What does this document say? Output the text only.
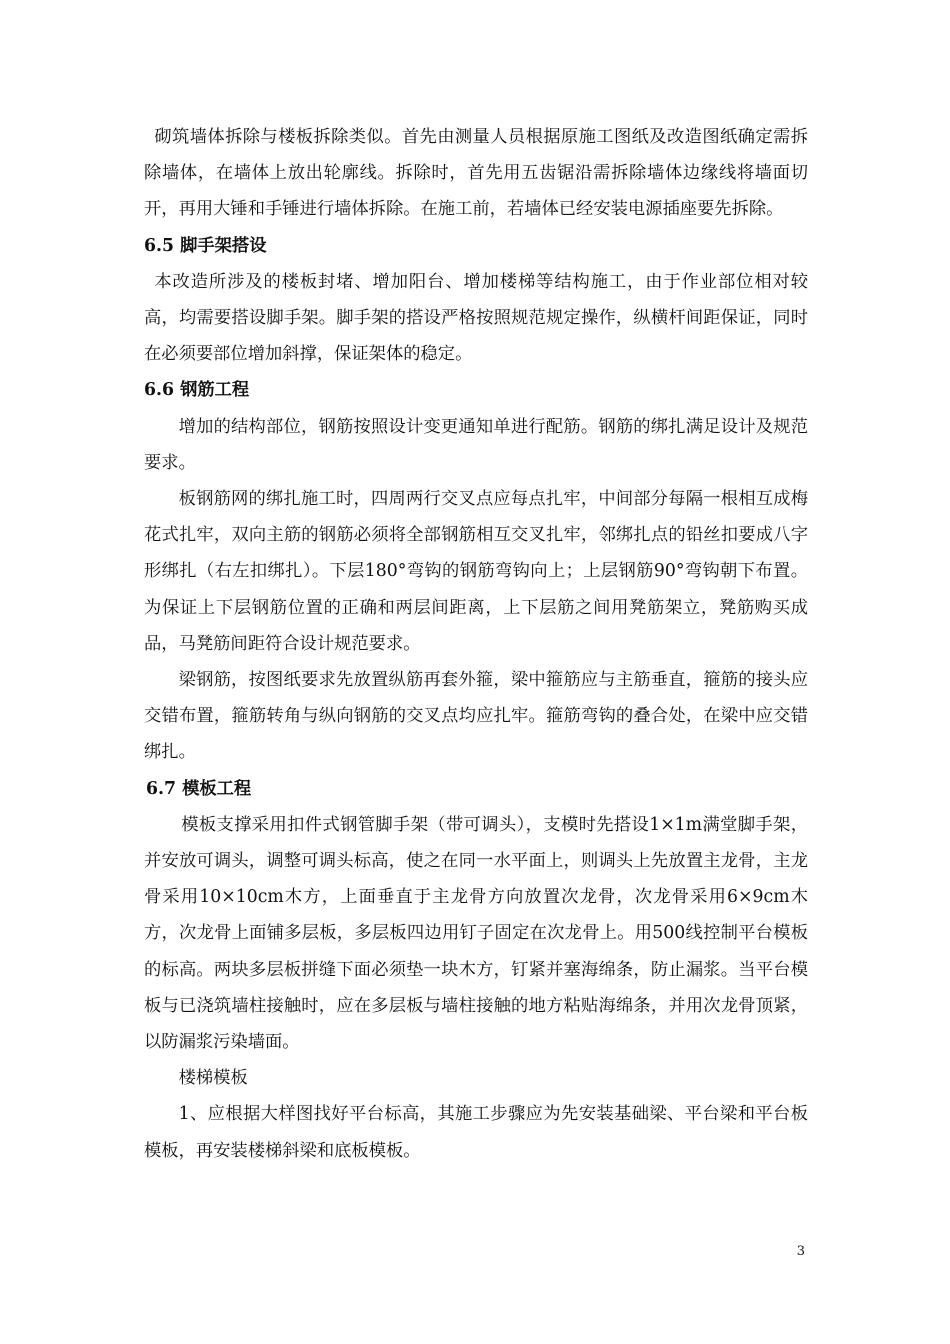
砌筑墙体拆除与楼板拆除类似。首先由测量人员根据原施工图纸及改造图纸确定需拆除墙体，在墙体上放出轮廓线。拆除时，首先用五齿锯沿需拆除墙体边缘线将墙面切开，再用大锤和手锤进行墙体拆除。在施工前，若墙体已经安装电源插座要先拆除。

6.5 脚手架搭设

本改造所涉及的楼板封堵、增加阳台、增加楼梯等结构施工，由于作业部位相对较高，均需要搭设脚手架。脚手架的搭设严格按照规范规定操作，纵横杆间距保证，同时在必须要部位增加斜撑，保证架体的稳定。

6.6 钢筋工程

增加的结构部位，钢筋按照设计变更通知单进行配筋。钢筋的绑扎满足设计及规范要求。

板钢筋网的绑扎施工时，四周两行交叉点应每点扎牢，中间部分每隔一根相互成梅花式扎牢，双向主筋的钢筋必须将全部钢筋相互交叉扎牢，邻绑扎点的铅丝扣要成八字形绑扎（右左扣绑扎）。下层180°弯钩的钢筋弯钩向上；上层钢筋90°弯钩朝下布置。为保证上下层钢筋位置的正确和两层间距离，上下层筋之间用凳筋架立，凳筋购买成品，马凳筋间距符合设计规范要求。

梁钢筋，按图纸要求先放置纵筋再套外箍，梁中箍筋应与主筋垂直，箍筋的接头应交错布置，箍筋转角与纵向钢筋的交叉点均应扎牢。箍筋弯钩的叠合处，在梁中应交错绑扎。

6.7 模板工程

模板支撑采用扣件式钢管脚手架（带可调头），支模时先搭设1×1m满堂脚手架，并安放可调头，调整可调头标高，使之在同一水平面上，则调头上先放置主龙骨，主龙骨采用10×10cm木方，上面垂直于主龙骨方向放置次龙骨，次龙骨采用6×9cm木方，次龙骨上面铺多层板，多层板四边用钉子固定在次龙骨上。用500线控制平台模板的标高。两块多层板拼缝下面必须垫一块木方，钉紧并塞海绵条，防止漏浆。当平台模板与已浇筑墙柱接触时，应在多层板与墙柱接触的地方粘贴海绵条，并用次龙骨顶紧，以防漏浆污染墙面。

楼梯模板

1、应根据大样图找好平台标高，其施工步骤应为先安装基础梁、平台梁和平台板模板，再安装楼梯斜梁和底板模板。

3
